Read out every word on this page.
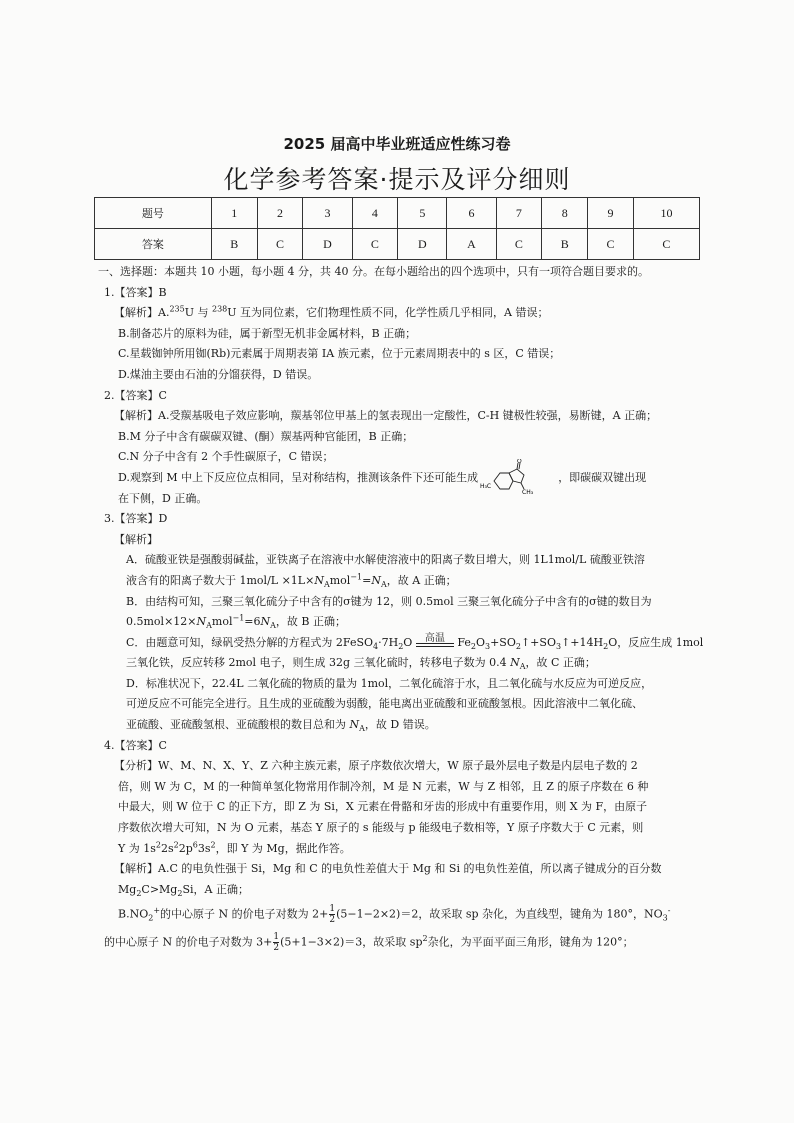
2025 届高中毕业班适应性练习卷
化学参考答案·提示及评分细则
题号	1	2	3	4	5	6	7	8	9	10
答案	B	C	D	C	D	A	C	B	C	C

一、选择题：本题共 10 小题，每小题 4 分，共 40 分。在每小题给出的四个选项中，只有一项符合题目要求的。

1.【答案】B

【解析】A.$^{235}$U 与 $^{238}$U 互为同位素，它们物理性质不同，化学性质几乎相同，A 错误；

B.制备芯片的原料为硅，属于新型无机非金属材料，B 正确；

C.星载铷钟所用铷(Rb)元素属于周期表第 IA 族元素，位于元素周期表中的 s 区，C 错误；

D.煤油主要由石油的分馏获得，D 错误。

2.【答案】C

【解析】A.受羰基吸电子效应影响，羰基邻位甲基上的氢表现出一定酸性，C-H 键极性较强，易断键，A 正确；

B.M 分子中含有碳碳双键、(酮）羰基两种官能团，B 正确；

C.N 分子中含有 2 个手性碳原子，C 错误；

D.观察到 M 中上下反应位点相同，呈对称结构，推测该条件下还可能生成
H₃C
O
CH₃
，即碳碳双键出现

在下侧，D 正确。

3.【答案】D

【解析】

A．硫酸亚铁是强酸弱碱盐，亚铁离子在溶液中水解使溶液中的阳离子数目增大，则 1L1mol/L 硫酸亚铁溶

液含有的阳离子数大于 $1mol/L \times 1L\times N_Amol^{-1}=N_A$，故 A 正确；

B．由结构可知，三聚三氧化硫分子中含有的σ键为 12，则 0.5mol 三聚三氧化硫分子中含有的σ键的数目为

$0.5mol\times 12\times N_Amol^{-1}=6N_A$，故 B 正确；

C．由题意可知，绿矾受热分解的方程式为 $2FeSO_4\cdot 7H_2O$	高温	$Fe_2O_3+SO_2↑+SO_3↑+14H_2O$，反应生成 1mol

三氧化铁，反应转移 2mol 电子，则生成 32g 三氧化硫时，转移电子数为 0.4 $N_A$，故 C 正确；

D．标准状况下，22.4L 二氧化硫的物质的量为 1mol，二氧化硫溶于水，且二氧化硫与水反应为可逆反应，

可逆反应不可能完全进行。且生成的亚硫酸为弱酸，能电离出亚硫酸和亚硫酸氢根。因此溶液中二氧化硫、

亚硫酸、亚硫酸氢根、亚硫酸根的数目总和为 $N_A$，故 D 错误。

4.【答案】C

【分析】W、M、N、X、Y、Z 六种主族元素，原子序数依次增大，W 原子最外层电子数是内层电子数的 2

倍，则 W 为 C，M 的一种简单氢化物常用作制冷剂，M 是 N 元素，W 与 Z 相邻，且 Z 的原子序数在 6 种

中最大，则 W 位于 C 的正下方，即 Z 为 Si，X 元素在骨骼和牙齿的形成中有重要作用，则 X 为 F，由原子

序数依次增大可知，N 为 O 元素，基态 Y 原子的 s 能级与 p 能级电子数相等，Y 原子序数大于 C 元素，则

Y 为 $1s^22s^22p^63s^2$，即 Y 为 Mg，据此作答。

【解析】A.C 的电负性强于 Si，Mg 和 C 的电负性差值大于 Mg 和 Si 的电负性差值，所以离子键成分的百分数

$Mg_2C>Mg_2Si$，A 正确；

$B.NO_2^+$的中心原子 N 的价电子对数为 $2+ \frac{1}{2} (5-1-2\times 2)=2$，故采取 sp 杂化，为直线型，键角为 180°，$NO_3^-$

的中心原子 N 的价电子对数为 $3+ \frac{1}{2} (5+1-3\times 2)=3$，故采取 $sp^2$杂化，为平面平面三角形，键角为 120°；
